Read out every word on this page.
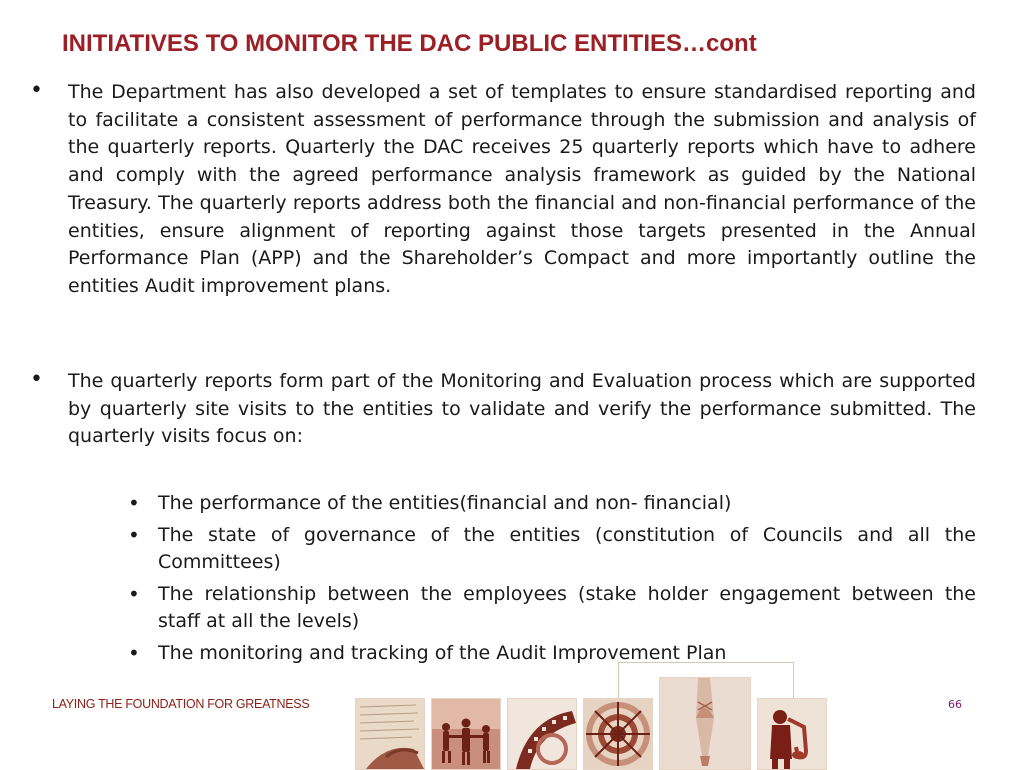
INITIATIVES TO MONITOR THE DAC PUBLIC ENTITIES…cont
• The Department has also developed a set of templates to ensure standardised reporting and to facilitate a consistent assessment of performance through the submission and analysis of the quarterly reports. Quarterly the DAC receives 25 quarterly reports which have to adhere and comply with the agreed performance analysis framework as guided by the National Treasury. The quarterly reports address both the financial and non-financial performance of the entities, ensure alignment of reporting against those targets presented in the Annual Performance Plan (APP) and the Shareholder’s Compact and more importantly outline the entities Audit improvement plans.
• The quarterly reports form part of the Monitoring and Evaluation process which are supported by quarterly site visits to the entities to validate and verify the performance submitted. The quarterly visits focus on:
• The performance of the entities(financial and non- financial)
• The state of governance of the entities (constitution of Councils and all the Committees)
• The relationship between the employees (stake holder engagement between the staff at all the levels)
• The monitoring and tracking of the Audit Improvement Plan
LAYING THE FOUNDATION FOR GREATNESS	66
